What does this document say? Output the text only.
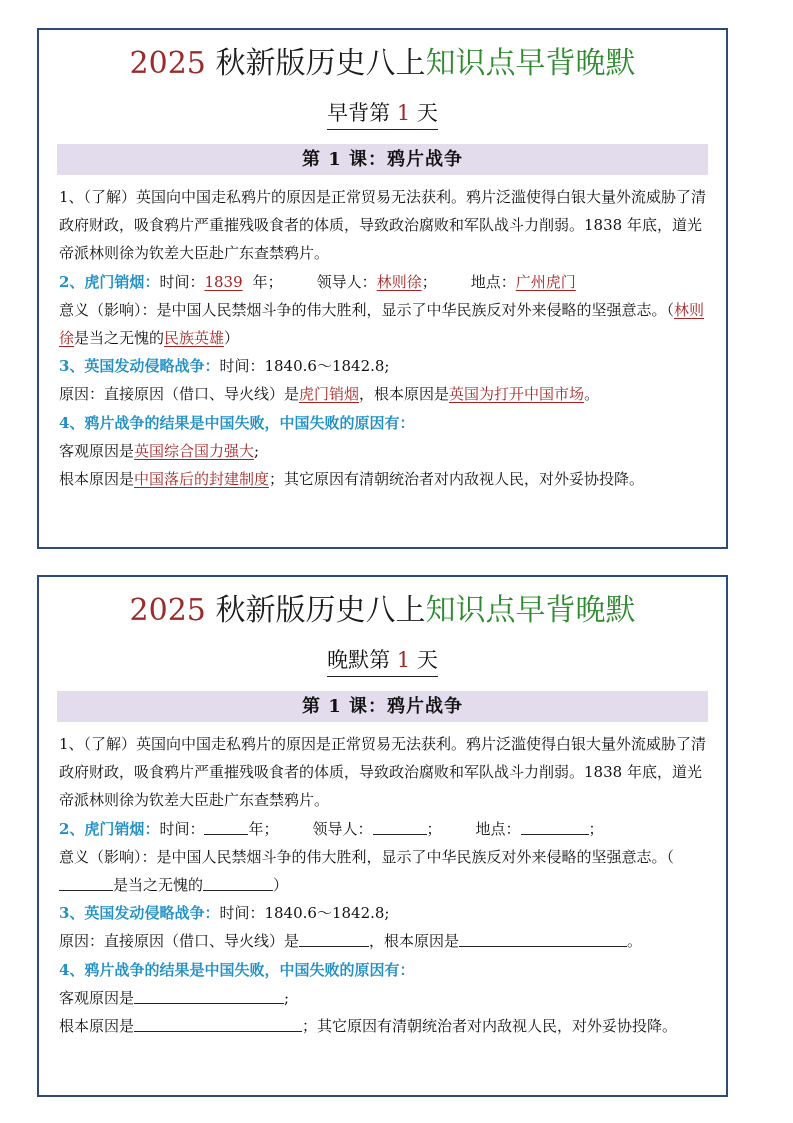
2025 秋新版历史八上知识点早背晚默
早背第 1 天
第 1 课：鸦片战争

1、（了解）英国向中国走私鸦片的原因是正常贸易无法获利。鸦片泛滥使得白银大量外流威胁了清政府财政，吸食鸦片严重摧残吸食者的体质，导致政治腐败和军队战斗力削弱。1838 年底，道光帝派林则徐为钦差大臣赴广东查禁鸦片。

2、虎门销烟：时间：1839 年； 领导人：林则徐； 地点：广州虎门

意义（影响）：是中国人民禁烟斗争的伟大胜利，显示了中华民族反对外来侵略的坚强意志。（林则徐是当之无愧的民族英雄）

3、英国发动侵略战争：时间：1840.6～1842.8;

原因：直接原因（借口、导火线）是虎门销烟，根本原因是英国为打开中国市场。

4、鸦片战争的结果是中国失败，中国失败的原因有：

客观原因是英国综合国力强大;

根本原因是中国落后的封建制度；其它原因有清朝统治者对内敌视人民，对外妥协投降。

2025 秋新版历史八上知识点早背晚默
晚默第 1 天
第 1 课：鸦片战争

1、（了解）英国向中国走私鸦片的原因是正常贸易无法获利。鸦片泛滥使得白银大量外流威胁了清政府财政，吸食鸦片严重摧残吸食者的体质，导致政治腐败和军队战斗力削弱。1838 年底，道光帝派林则徐为钦差大臣赴广东查禁鸦片。

2、虎门销烟：时间：	年； 领导人：	； 地点：	；

意义（影响）：是中国人民禁烟斗争的伟大胜利，显示了中华民族反对外来侵略的坚强意志。（是当之无愧的	）

3、英国发动侵略战争：时间：1840.6～1842.8;

原因：直接原因（借口、导火线）是	，根本原因是	。

4、鸦片战争的结果是中国失败，中国失败的原因有：

客观原因是	;

根本原因是	；其它原因有清朝统治者对内敌视人民，对外妥协投降。
